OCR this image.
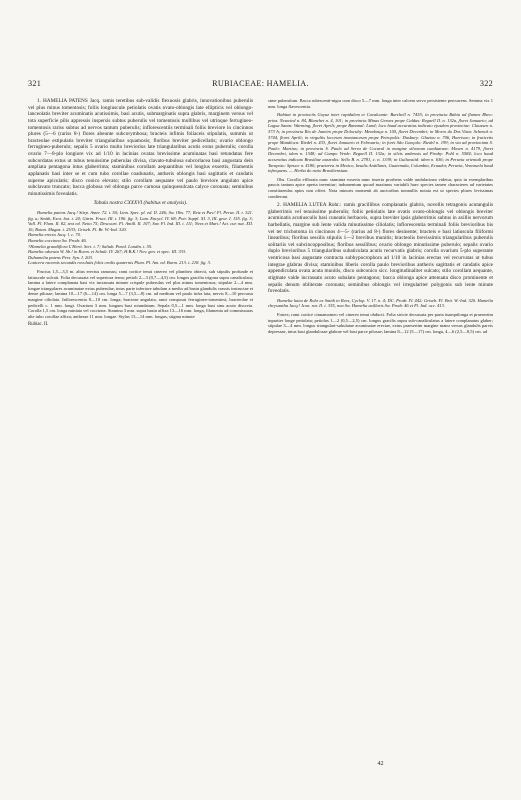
321	RUBIACEAE: HAMELIA.	322

1. HAMELIA PATENS Jacq. ramis teretibus sub-validis flexuosis glabris, innovationibus puberulis vel plus minus tomentosis; foliis longiuscule petiolatis ovatis ovato-oblongis late ellipticis vel oblongo-lanceolatis breviter acuminatis acutissimis, basi acutis, submarginatis supra glabris, marginem versus vel tota superficie pilis appressis inspersis subtus puberulis vel tomentosis mollibus vel utrinque ferrugineo-tomentosis rariss subtus ad nervos tantum puberulis; inflorescentiis terminali foliis breviore in cincinnos plures (5—6 (rariss 8-) flores abeunte subcorymbosa; bracteis infimis foliaceis stipulatis, summis ut bracteolae estipulatis breviter triangularibus squamosis; floribus breviter pedicellatis; ovario oblongo ferrugineo-puberulo; sepalis 5 ovario multo breviorius late triangularibus acutis extus puberulis; corolla ovario 7—8-plo longiore vix ad 1/10 in lacinias ovatas brevissime acuminatas basi retundatas fere subcordatas extus ut tubus tenuissime puberulas divisa, clavato-tubulosa subcorlacea basi angustata dein ampliata pentagona intus glaberrima; staminibus corollam aequantibus vel longius exsertis, filamentis applanatis basi inter se et cum tubo corollae coadunatis, antheris oblongis basi sagittatis et candatis superne apiculatis; disco conico elevato; stilo corollam aequante vel paulo breviore angulato apice subclavato truncato; bacca globosa vel oblonga parce carnosa quinquesulcata calyce coronata; seminibus minutissimis fovealatis.

Tabula nostra CXXXVI (habitus et analysis).

Hamelia patens Jacq.! Stirp. Amer. 72. t. 50; Linn. Spec. pl. ed. II. 246; Sw. Obs. 77; Reiz et Pav.! Fl. Peruv. II. t. 321. fig. a; Smith, Exot. bot. t. 24; Gärtn. Fruct. III. t. 196. fig. 3; Lam. Encycl. IV. 68; Poir. Suppl. XI. 3, III. geor. I. 155. fig. 3; Vall. Fl. Flum. II. 82, text ed. Netto 75; Descourt. Fl. Antill. II. 107; Sav. Fl. Ind. III. t. 111; Nees et Mart.! Act. cur. nat. XII. 16; Botan. Magaz. t. 2533; Griseb. Fl. Br. W.-Ind. 320.
Hamelia erecta Jacq. l. c. 70.
Hamelia coccinea Sw. Prodr. 46.
?Hamelia grandiflora L'Herit. Sert. t. 7; Saliab. Paral. Londin. t. 55.
Hamelia odorata W. Sb.! in Roem. et Schult. IV. 267; H.B.K.! Nov. gen. et spec. III. 333.
Duhamelia patens Pers. Syn. I. 203.
Lonicera racemis secundis rovolutis foliis oralis quaternis Plum. Pl. Am. ed. Burm. 213. t. 218. fig. 3.

Fructus 1,5—3,5 m. altus erectus ramosus; rami cortice tenui cinereo vel plumbeo obtecti, sub stipulis profunde et latiuscule sulcati. Folia decussata vel superiora terna; petioli 2—3 (0,7—4,5) cm. longus gracilia trigona supra canaliculata; lamina a latere complanata basi vix incrassata minute crispule puberulus vel plus minus tomentosus; stipulae 2—4 mm. longae triangulares acuminatae extus puberulae, intus parte inferiore tabulam a medio ad basin glandulis crassis instructae et dense pilosae; lamina 10—17 (6—14) cm. longa 5—7 (3,5—8) cm. ad medium vel paulo infra lata, nervis 8—10 percursa margine ciliolata. Inflorescentia 8—10 cm. longa; bracteae angulata, rami composui ferrugineo-tomentosi; bracteolae et pedicelli c. 1 mm. longi. Ovarium 3 mm. longum basi rotundatum. Sepala 0,5—1 mm. longa basi sinu acuto discreta. Corolla 1,5 cm. longa miniata vel coccinea. Stamina 3 mm. supra basin affixa 13—16 mm. longa, filamenta ad commissuras alte tubo corollae affixa; antherae 11 mm. longae. Stylus 13—14 mm. longus, stigma minute

Rubiac. II.

sime puberulum. Bacca rubescenti-nigra cum disco 5—7 mm. longa inter calcem servo persistente percurrens. Semina vix 1 mm. longa flavescentia.

Habitat in provinciis Goyaz inter rapidalem et Cavalcante: Burchell n. 7455; in provincia Bahia ad flumen Rheo: prinz. Neuwied n. 84, Blanchet n. 4, 101; in provincia Minas Geraes prope Caldas: Regnell II. n. 132a, floret Januario; ad Lagoa Santa: Warming, floret Aprili; prope Bananal: Lund; loco haud accuratius indicato ejusdem provinciae: Claussen n. 373 A; in provincia Rio de Janeiro prope Dolocuby: Mendonça n. 105, floret Decembri; in Morro do Dos Vista: Schenck n. 3744, floret Aprili; in virgultis locorum inontanorum prope Petropolis: Dusbury: Glaziou n. 706, Harrison; in fruticetis prope Mandioca: Riedel n. 433, floret Januario et Februario; in foret São Gonçalo: Riedel n. 199; in via ad provinciam S. Paulo: Martius; in provincia S. Paulo ad Serra de Cocaral in margine silvarum caeduarum: Mosen n. 4179, floret Decembri, idem n. 1348; ad Campo Verde: Regnell II. 132a; in silvis umbrosis ad Piraby: Pohl n. 5584; loco haud accuratius indicato Brasiliae australis: Sello B. n. 2781, c. n. 1339; in Guiluvaiid: idem n. 636; in Peruvia orientali prope Tarapoto: Spruce n. 4180; praeterea in Mexico, Insulis Antillanis, Guatemala, Columbia, Ecuador, Peruvia, Venezuela haud infrequens. — Herba do ratto Brasiliensium.

Obs. Corolla efflorata nunc staminia exserta nunc inserta prorbens valde undulacinea videtur, quia in exemplaribus paucis tantum apice aperta invenitur; indumentum quoad maximus variabili haec species tamen characteres ad varietates constituendas aptos non offert. Nota minoris momenti ab auctoribus nonnullis notata est ut species plures levissimas condierunt.

2. HAMELIA LUTEA Rohr.: ramis gracillibus complanatis glabris, novellis tetragonis acutangulis glaberrimis vel tenuissime puberulis; foliis petiolatis late ovatis ovato-oblongis vel oblongis breviter acuminatis acutiusculis basi cuneatis herbaceis, supra breviter ipsis glaberrimis subtus in axillis nervorum barbellatis, margine sub lente valida minutissime ciliolatis; inflorescentia terminali foliis brevioribus bis vel ter trichotoma in cincinnos 4—5- (rarius ad 8-) flores desinente; bracteis e basi latiuscula filiformi linearibus; floribus sessilis stipulis 1—2 brevibus munitis; bracteolis brevissimis triangularibus puberulis solitariis vel subcincopposibus; floribus sessilibus; ovario oblongo minutissime puberulo; sepalis ovario duplo brevioribus 5 triangularibus subaticulata acutis recurvatis glabris; corolla ovarium 5-plo superante ventricosa basi angustate contracta subhypocrophora ad 1/10 in lacinias erectas vel recurvatas ut tubus integrae glabras divisa; staminibus liberis corolla paulo brevioribus antheris sagittatis et candatis apice appendiculata ovata acuta munitis, disco subconico sicc. longitudinaliter sulcato; stilo corollam aequante, stigmate valde incrassato acuto subalato pentagono; bacca oblonga apice attenuata disco prominente et sepalis denum obliterate coronata; seminibus oblongis vel irregulariter polygonis sub lente minute foveolatis.

Hamelia lutea de Rohr ex Smith in Rees, Cyclop. V. 17. n. 4; DC. Prodr. IV. 442; Griseb. Fl. Brit. W.-Ind. 320. Hamelia chrysantha Jacq.! Icon. rar. II. t. 335, non Sw. Hamelia axillaris Sw. Prodr. 46 et Fl. Ind. occ. 413.

Frutex; rami cortice cinnamomeo vel cinereo tenui obducti. Folia stricte decussata per paria inaequilonga et praesertim inpariter longe petiolata; petiolus 1—2 (0,5—2,5) cm. longus gracilis supra sub-canaliculatus a latere complanatus glaber; stipulae 3—4 mm. longus triangulari-subulatae acuminatae erectae, extus praesertim margine manu versus glandulis parvis depressae, intus basi glandulosae glabrae vel basi parce pilosae; lamina 8—12 (5—17) cm. longa, 4—6 (2,5—8,5) cm. ad

42
